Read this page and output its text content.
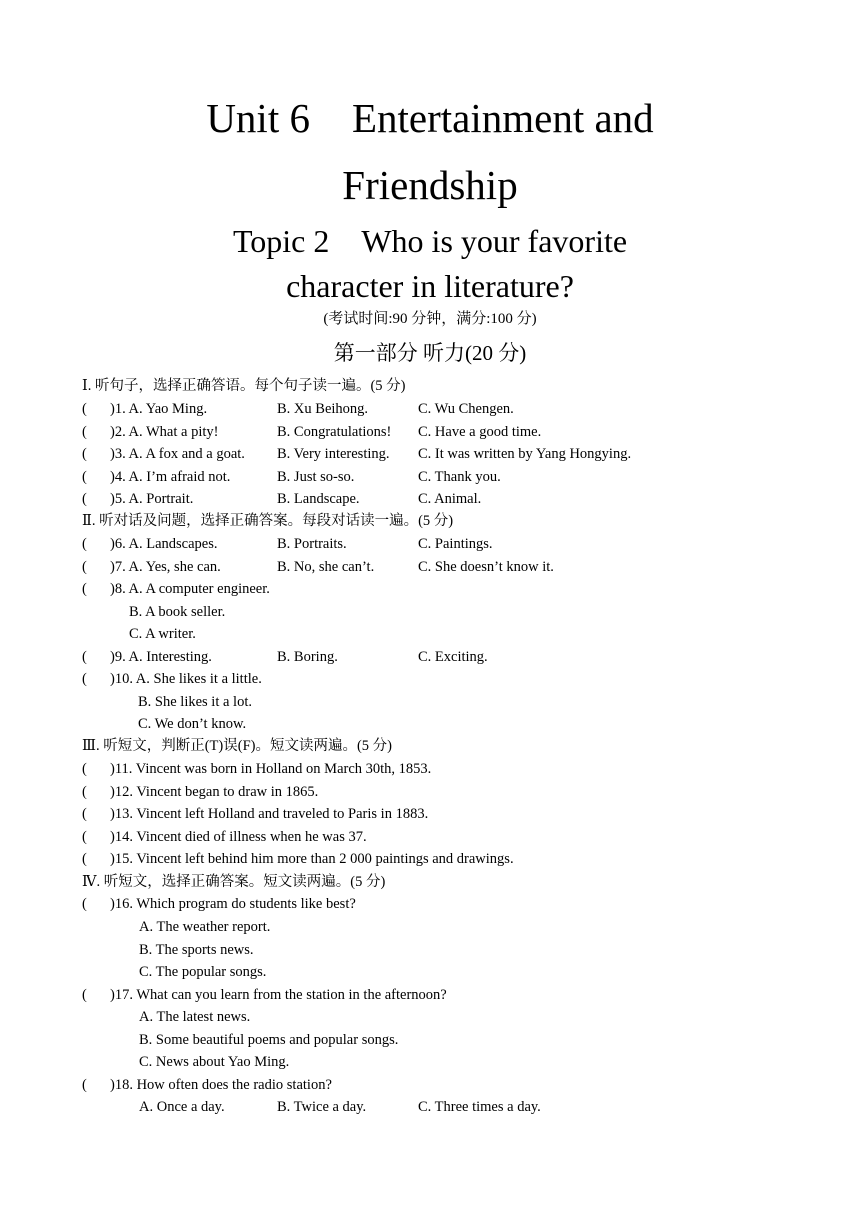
Unit 6 Entertainment and
Friendship
Topic 2 Who is your favorite
character in literature?
(考试时间:90 分钟，满分:100 分)
第一部分 听力(20 分)
Ⅰ. 听句子，选择正确答语。每个句子读一遍。(5 分)
( )1. A. Yao Ming.	B. Xu Beihong.	C. Wu Chengen.
( )2. A. What a pity!	B. Congratulations! C. Have a good time.
( )3. A. A fox and a goat. B. Very interesting. C. It was written by Yang Hongying.
( )4. A. I’m afraid not.	B. Just so-so.	C. Thank you.
( )5. A. Portrait.	B. Landscape.	C. Animal.
Ⅱ. 听对话及问题，选择正确答案。每段对话读一遍。(5 分)
( )6. A. Landscapes.	B. Portraits.	C. Paintings.
( )7. A. Yes, she can.	B. No, she can’t.	C. She doesn’t know it.
( )8. A. A computer engineer.
B. A book seller.
C. A writer.
( )9. A. Interesting.	B. Boring.	C. Exciting.
( )10. A. She likes it a little.
B. She likes it a lot.
C. We don’t know.
Ⅲ. 听短文，判断正(T)误(F)。短文读两遍。(5 分)
( )11. Vincent was born in Holland on March 30th, 1853.
( )12. Vincent began to draw in 1865.
( )13. Vincent left Holland and traveled to Paris in 1883.
( )14. Vincent died of illness when he was 37.
( )15. Vincent left behind him more than 2 000 paintings and drawings.
Ⅳ. 听短文，选择正确答案。短文读两遍。(5 分)
( )16. Which program do students like best?
A. The weather report.
B. The sports news.
C. The popular songs.
( )17. What can you learn from the station in the afternoon?
A. The latest news.
B. Some beautiful poems and popular songs.
C. News about Yao Ming.
( )18. How often does the radio station?
A. Once a day.	B. Twice a day.	C. Three times a day.
